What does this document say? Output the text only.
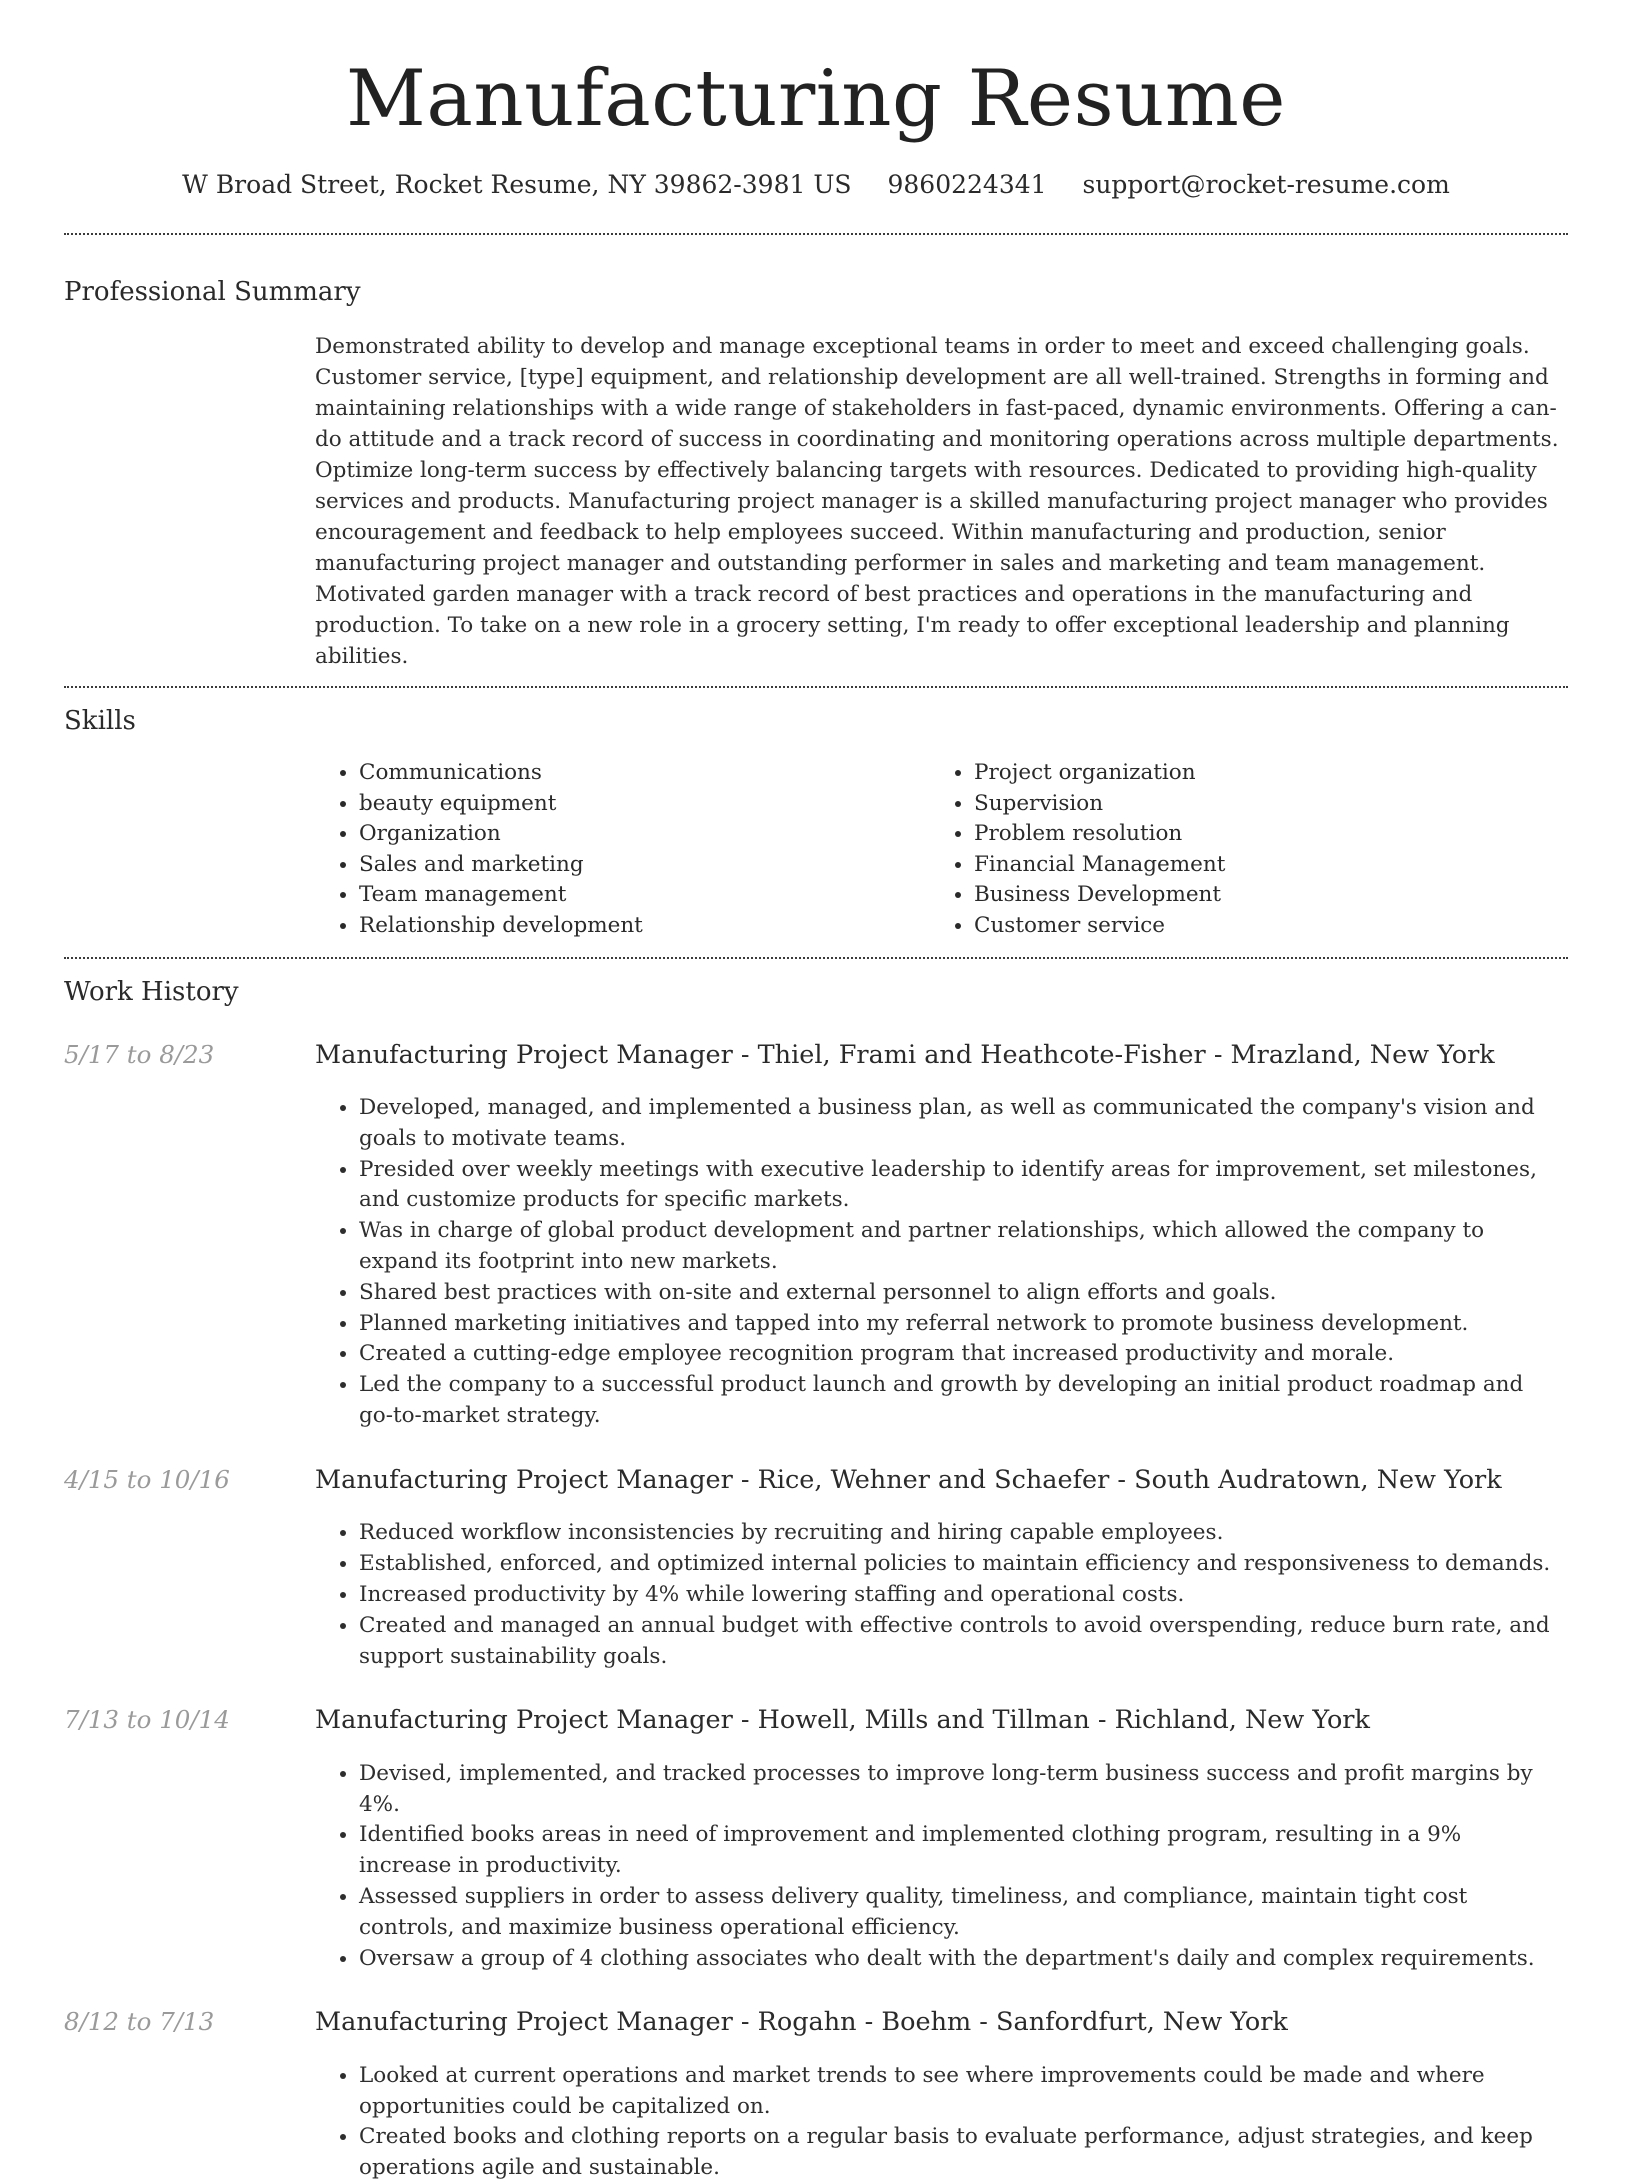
Manufacturing Resume
W Broad Street, Rocket Resume, NY 39862-3981 US 9860224341 support@rocket-resume.com
Professional Summary
Demonstrated ability to develop and manage exceptional teams in order to meet and exceed challenging goals. Customer service, [type] equipment, and relationship development are all well-trained. Strengths in forming and maintaining relationships with a wide range of stakeholders in fast-paced, dynamic environments. Offering a can-do attitude and a track record of success in coordinating and monitoring operations across multiple departments. Optimize long-term success by effectively balancing targets with resources. Dedicated to providing high-quality services and products. Manufacturing project manager is a skilled manufacturing project manager who provides encouragement and feedback to help employees succeed. Within manufacturing and production, senior manufacturing project manager and outstanding performer in sales and marketing and team management. Motivated garden manager with a track record of best practices and operations in the manufacturing and production. To take on a new role in a grocery setting, I'm ready to offer exceptional leadership and planning abilities.
Skills
• Communications
• beauty equipment
• Organization
• Sales and marketing
• Team management
• Relationship development
• Project organization
• Supervision
• Problem resolution
• Financial Management
• Business Development
• Customer service
Work History
5/17 to 8/23	Manufacturing Project Manager - Thiel, Frami and Heathcote-Fisher - Mrazland, New York
• Developed, managed, and implemented a business plan, as well as communicated the company's vision and goals to motivate teams.
• Presided over weekly meetings with executive leadership to identify areas for improvement, set milestones, and customize products for specific markets.
• Was in charge of global product development and partner relationships, which allowed the company to expand its footprint into new markets.
• Shared best practices with on-site and external personnel to align efforts and goals.
• Planned marketing initiatives and tapped into my referral network to promote business development.
• Created a cutting-edge employee recognition program that increased productivity and morale.
• Led the company to a successful product launch and growth by developing an initial product roadmap and go-to-market strategy.
4/15 to 10/16	Manufacturing Project Manager - Rice, Wehner and Schaefer - South Audratown, New York
• Reduced workflow inconsistencies by recruiting and hiring capable employees.
• Established, enforced, and optimized internal policies to maintain efficiency and responsiveness to demands.
• Increased productivity by 4% while lowering staffing and operational costs.
• Created and managed an annual budget with effective controls to avoid overspending, reduce burn rate, and support sustainability goals.
7/13 to 10/14	Manufacturing Project Manager - Howell, Mills and Tillman - Richland, New York
• Devised, implemented, and tracked processes to improve long-term business success and profit margins by 4%.
• Identified books areas in need of improvement and implemented clothing program, resulting in a 9% increase in productivity.
• Assessed suppliers in order to assess delivery quality, timeliness, and compliance, maintain tight cost controls, and maximize business operational efficiency.
• Oversaw a group of 4 clothing associates who dealt with the department's daily and complex requirements.
8/12 to 7/13	Manufacturing Project Manager - Rogahn - Boehm - Sanfordfurt, New York
• Looked at current operations and market trends to see where improvements could be made and where opportunities could be capitalized on.
• Created books and clothing reports on a regular basis to evaluate performance, adjust strategies, and keep operations agile and sustainable.
